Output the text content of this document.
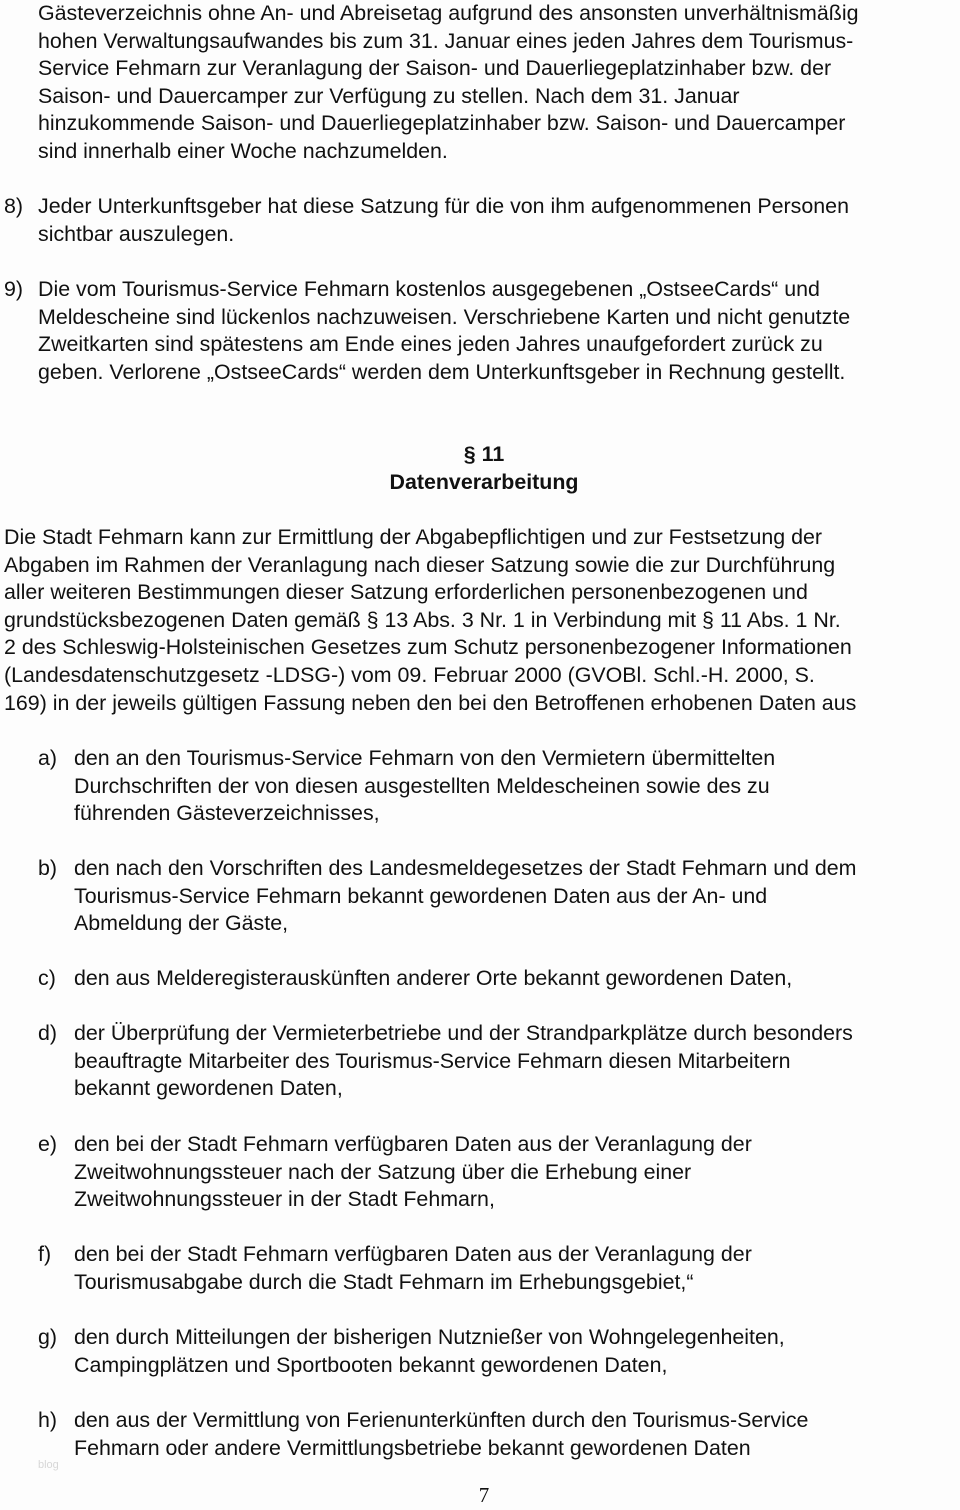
Gästeverzeichnis ohne An- und Abreisetag aufgrund des ansonsten unverhältnismäßig
hohen Verwaltungsaufwandes bis zum 31. Januar eines jeden Jahres dem Tourismus-
Service Fehmarn zur Veranlagung der Saison- und Dauerliegeplatzinhaber bzw. der
Saison- und Dauercamper zur Verfügung zu stellen. Nach dem 31. Januar
hinzukommende Saison- und Dauerliegeplatzinhaber bzw. Saison- und Dauercamper
sind innerhalb einer Woche nachzumelden.
8) Jeder Unterkunftsgeber hat diese Satzung für die von ihm aufgenommenen Personen
sichtbar auszulegen.
9) Die vom Tourismus-Service Fehmarn kostenlos ausgegebenen „OstseeCards“ und
Meldescheine sind lückenlos nachzuweisen. Verschriebene Karten und nicht genutzte
Zweitkarten sind spätestens am Ende eines jeden Jahres unaufgefordert zurück zu
geben. Verlorene „OstseeCards“ werden dem Unterkunftsgeber in Rechnung gestellt.
§ 11
Datenverarbeitung
Die Stadt Fehmarn kann zur Ermittlung der Abgabepflichtigen und zur Festsetzung der
Abgaben im Rahmen der Veranlagung nach dieser Satzung sowie die zur Durchführung
aller weiteren Bestimmungen dieser Satzung erforderlichen personenbezogenen und
grundstücksbezogenen Daten gemäß § 13 Abs. 3 Nr. 1 in Verbindung mit § 11 Abs. 1 Nr.
2 des Schleswig-Holsteinischen Gesetzes zum Schutz personenbezogener Informationen
(Landesdatenschutzgesetz -LDSG-) vom 09. Februar 2000 (GVOBl. Schl.-H. 2000, S.
169) in der jeweils gültigen Fassung neben den bei den Betroffenen erhobenen Daten aus
a) den an den Tourismus-Service Fehmarn von den Vermietern übermittelten
Durchschriften der von diesen ausgestellten Meldescheinen sowie des zu
führenden Gästeverzeichnisses,
b) den nach den Vorschriften des Landesmeldegesetzes der Stadt Fehmarn und dem
Tourismus-Service Fehmarn bekannt gewordenen Daten aus der An- und
Abmeldung der Gäste,
c) den aus Melderegisterauskünften anderer Orte bekannt gewordenen Daten,
d) der Überprüfung der Vermieterbetriebe und der Strandparkplätze durch besonders
beauftragte Mitarbeiter des Tourismus-Service Fehmarn diesen Mitarbeitern
bekannt gewordenen Daten,
e) den bei der Stadt Fehmarn verfügbaren Daten aus der Veranlagung der
Zweitwohnungssteuer nach der Satzung über die Erhebung einer
Zweitwohnungssteuer in der Stadt Fehmarn,
f) den bei der Stadt Fehmarn verfügbaren Daten aus der Veranlagung der
Tourismusabgabe durch die Stadt Fehmarn im Erhebungsgebiet,“
g) den durch Mitteilungen der bisherigen Nutznießer von Wohngelegenheiten,
Campingplätzen und Sportbooten bekannt gewordenen Daten,
h) den aus der Vermittlung von Ferienunterkünften durch den Tourismus-Service
Fehmarn oder andere Vermittlungsbetriebe bekannt gewordenen Daten
blog
7
